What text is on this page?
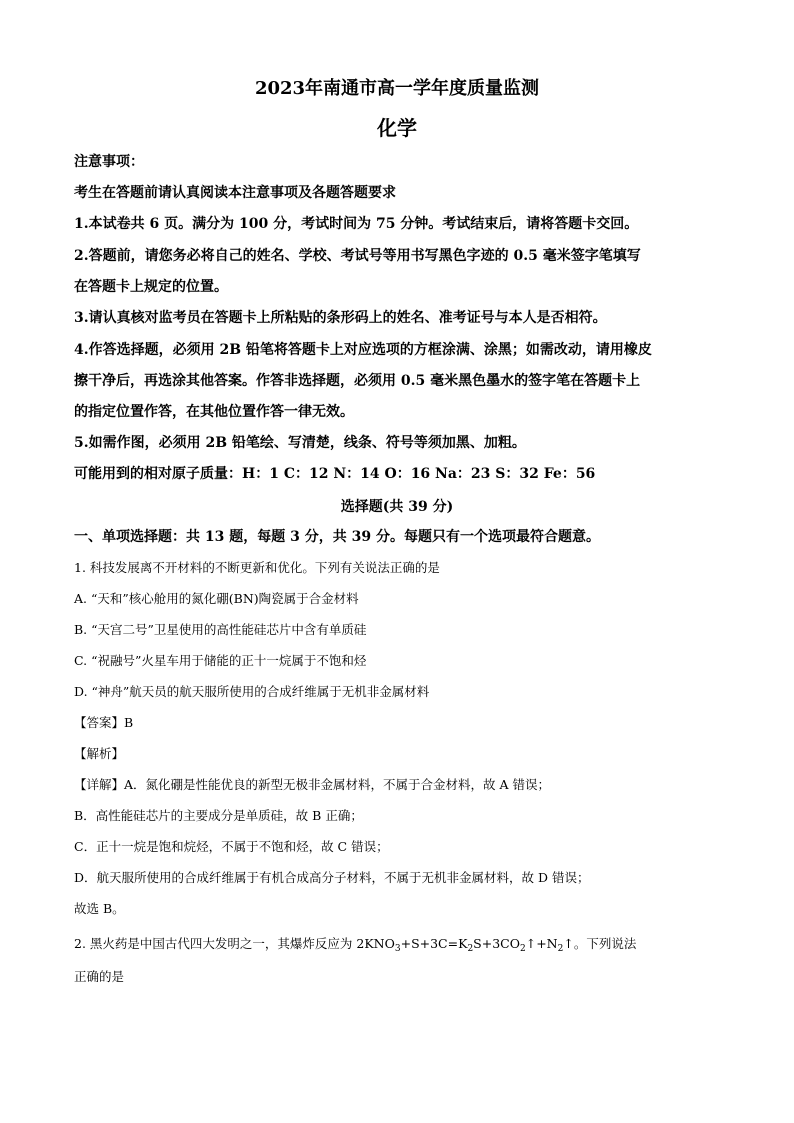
2023年南通市高一学年度质量监测
化学
注意事项：
考生在答题前请认真阅读本注意事项及各题答题要求
1.本试卷共 6 页。满分为 100 分，考试时间为 75 分钟。考试结束后，请将答题卡交回。
2.答题前，请您务必将自己的姓名、学校、考试号等用书写黑色字迹的 0.5 毫米签字笔填写
在答题卡上规定的位置。
3.请认真核对监考员在答题卡上所粘贴的条形码上的姓名、准考证号与本人是否相符。
4.作答选择题，必须用 2B 铅笔将答题卡上对应选项的方框涂满、涂黑；如需改动，请用橡皮
擦干净后，再选涂其他答案。作答非选择题，必须用 0.5 毫米黑色墨水的签字笔在答题卡上
的指定位置作答，在其他位置作答一律无效。
5.如需作图，必须用 2B 铅笔绘、写清楚，线条、符号等须加黑、加粗。
可能用到的相对原子质量：H：1 C：12 N：14 O：16 Na：23 S：32 Fe：56
选择题(共 39 分)
一、单项选择题：共 13 题，每题 3 分，共 39 分。每题只有一个选项最符合题意。
1. 科技发展离不开材料的不断更新和优化。下列有关说法正确的是
A. “天和”核心舱用的氮化硼(BN)陶瓷属于合金材料
B. “天宫二号”卫星使用的高性能硅芯片中含有单质硅
C. “祝融号”火星车用于储能的正十一烷属于不饱和烃
D. “神舟”航天员的航天服所使用的合成纤维属于无机非金属材料
【答案】B
【解析】
【详解】A．氮化硼是性能优良的新型无极非金属材料，不属于合金材料，故 A 错误；
B．高性能硅芯片的主要成分是单质硅，故 B 正确；
C．正十一烷是饱和烷烃，不属于不饱和烃，故 C 错误；
D．航天服所使用的合成纤维属于有机合成高分子材料，不属于无机非金属材料，故 D 错误；
故选 B。
2. 黑火药是中国古代四大发明之一，其爆炸反应为 $2KNO_3+S+3C=K_2S+3CO_2↑+N_2↑$。下列说法
正确的是
